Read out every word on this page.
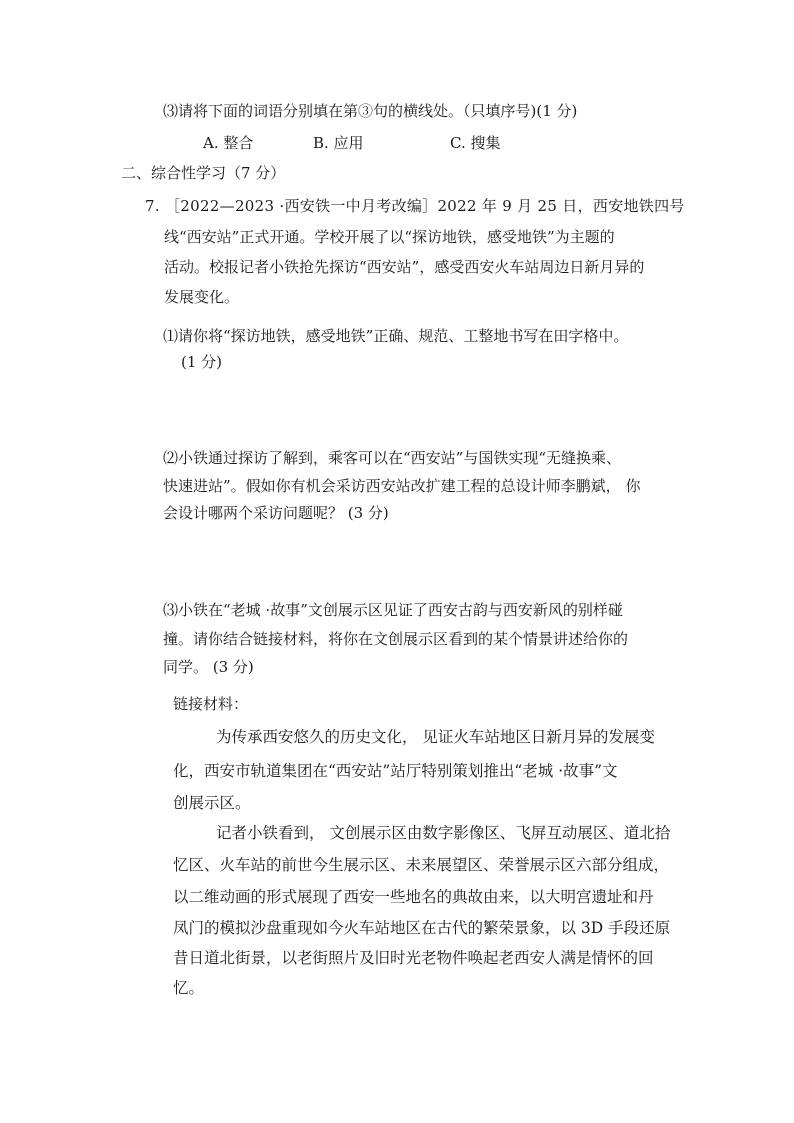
⑶请将下面的词语分别填在第③句的横线处。（只填序号)(1 分)
A. 整合	B. 应用	C. 搜集
二、综合性学习（7 分）
7. ［2022—2023 ·西安铁一中月考改编］2022 年 9 月 25 日，西安地铁四号
线“西安站”正式开通。学校开展了以“探访地铁，感受地铁”为主题的
活动。校报记者小铁抢先探访“西安站”，感受西安火车站周边日新月异的
发展变化。
⑴请你将“探访地铁，感受地铁”正确、规范、工整地书写在田字格中。
(1 分)
⑵小铁通过探访了解到，乘客可以在“西安站”与国铁实现“无缝换乘、
快速进站”。假如你有机会采访西安站改扩建工程的总设计师李鹏斌， 你
会设计哪两个采访问题呢？ (3 分)
⑶小铁在“老城 ·故事”文创展示区见证了西安古韵与西安新风的别样碰
撞。请你结合链接材料，将你在文创展示区看到的某个情景讲述给你的
同学。 (3 分)
链接材料：
为传承西安悠久的历史文化， 见证火车站地区日新月异的发展变
化，西安市轨道集团在“西安站”站厅特别策划推出“老城 ·故事”文
创展示区。
记者小铁看到， 文创展示区由数字影像区、飞屏互动展区、道北拾
忆区、火车站的前世今生展示区、未来展望区、荣誉展示区六部分组成，
以二维动画的形式展现了西安一些地名的典故由来，以大明宫遗址和丹
凤门的模拟沙盘重现如今火车站地区在古代的繁荣景象，以 3D 手段还原
昔日道北街景，以老街照片及旧时光老物件唤起老西安人满是情怀的回
忆。
